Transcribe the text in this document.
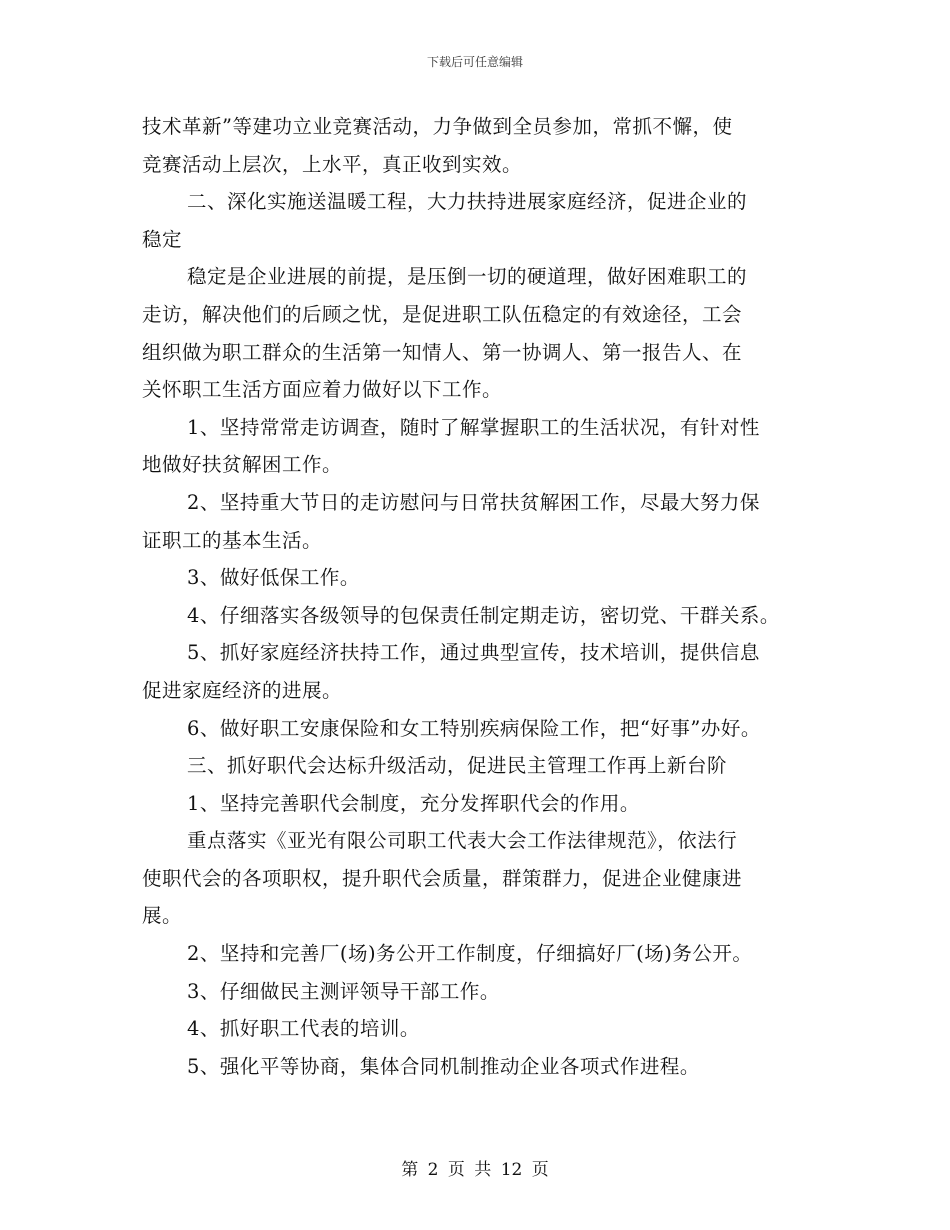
下载后可任意编辑

技术革新”等建功立业竞赛活动，力争做到全员参加，常抓不懈，使

竞赛活动上层次，上水平，真正收到实效。

二、深化实施送温暖工程，大力扶持进展家庭经济，促进企业的

稳定

稳定是企业进展的前提，是压倒一切的硬道理，做好困难职工的

走访，解决他们的后顾之忧，是促进职工队伍稳定的有效途径，工会

组织做为职工群众的生活第一知情人、第一协调人、第一报告人、在

关怀职工生活方面应着力做好以下工作。

1、坚持常常走访调查，随时了解掌握职工的生活状况，有针对性

地做好扶贫解困工作。

2、坚持重大节日的走访慰问与日常扶贫解困工作，尽最大努力保

证职工的基本生活。

3、做好低保工作。

4、仔细落实各级领导的包保责任制定期走访，密切党、干群关系。

5、抓好家庭经济扶持工作，通过典型宣传，技术培训，提供信息

促进家庭经济的进展。

6、做好职工安康保险和女工特别疾病保险工作，把“好事”办好。

三、抓好职代会达标升级活动，促进民主管理工作再上新台阶

1、坚持完善职代会制度，充分发挥职代会的作用。

重点落实《亚光有限公司职工代表大会工作法律规范》，依法行

使职代会的各项职权，提升职代会质量，群策群力，促进企业健康进

展。

2、坚持和完善厂(场)务公开工作制度，仔细搞好厂(场)务公开。

3、仔细做民主测评领导干部工作。

4、抓好职工代表的培训。

5、强化平等协商，集体合同机制推动企业各项式作进程。

第 2 页 共 12 页
